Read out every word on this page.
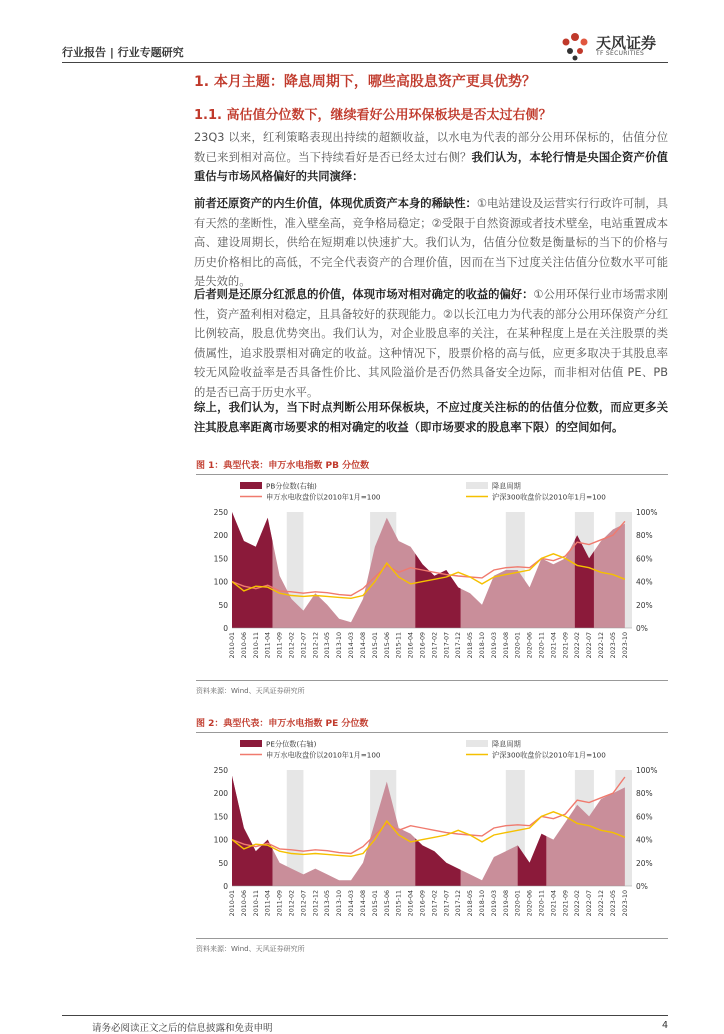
行业报告 | 行业专题研究
天风证券
TF SECURITIES
1. 本月主题：降息周期下，哪些高股息资产更具优势？
1.1. 高估值分位数下，继续看好公用环保板块是否太过右侧？

23Q3 以来，红利策略表现出持续的超额收益，以水电为代表的部分公用环保标的，估值分位数已来到相对高位。当下持续看好是否已经太过右侧？我们认为，本轮行情是央国企资产价值重估与市场风格偏好的共同演绎：

前者还原资产的内生价值，体现优质资产本身的稀缺性：①电站建设及运营实行行政许可制，具有天然的垄断性，准入壁垒高，竞争格局稳定；②受限于自然资源或者技术壁垒，电站重置成本高、建设周期长，供给在短期难以快速扩大。我们认为，估值分位数是衡量标的当下的价格与历史价格相比的高低，不完全代表资产的合理价值，因而在当下过度关注估值分位数水平可能是失效的。

后者则是还原分红派息的价值，体现市场对相对确定的收益的偏好：①公用环保行业市场需求刚性，资产盈利相对稳定，且具备较好的获现能力。②以长江电力为代表的部分公用环保资产分红比例较高，股息优势突出。我们认为，对企业股息率的关注，在某种程度上是在关注股票的类债属性，追求股票相对确定的收益。这种情况下，股票价格的高与低，应更多取决于其股息率较无风险收益率是否具备性价比、其风险溢价是否仍然具备安全边际，而非相对估值 PE、PB 的是否已高于历史水平。

综上，我们认为，当下时点判断公用环保板块，不应过度关注标的的估值分位数，而应更多关注其股息率距离市场要求的相对确定的收益（即市场要求的股息率下限）的空间如何。

图 1：典型代表：申万水电指数 PB 分位数
250
200
150
100
50
0
100%
80%
60%
40%
20%
0%
2010-01 2010-06 2010-11 2011-04 2011-09 2012-02 2012-07 2012-12 2013-05 2013-10 2014-03 2014-08 2015-01 2015-06 2015-11 2016-04 2016-09 2017-02 2017-07 2017-12 2018-05 2018-10 2019-03 2019-08 2020-01 2020-06 2020-11 2021-04 2021-09 2022-02 2022-07 2022-12 2023-05 2023-10
PB分位数(右轴)	降息周期
申万水电收盘价以2010年1月=100	沪深300收盘价以2010年1月=100
资料来源：Wind、天风证券研究所
图 2：典型代表：申万水电指数 PE 分位数
250
200
150
100
50
0
100%
80%
60%
40%
20%
0%
2010-01 2010-06 2010-11 2011-04 2011-09 2012-02 2012-07 2012-12 2013-05 2013-10 2014-03 2014-08 2015-01 2015-06 2015-11 2016-04 2016-09 2017-02 2017-07 2017-12 2018-05 2018-10 2019-03 2019-08 2020-01 2020-06 2020-11 2021-04 2021-09 2022-02 2022-07 2022-12 2023-05 2023-10
PE分位数(右轴)	降息周期
申万水电收盘价以2010年1月=100	沪深300收盘价以2010年1月=100
资料来源：Wind、天风证券研究所
请务必阅读正文之后的信息披露和免责申明	4
